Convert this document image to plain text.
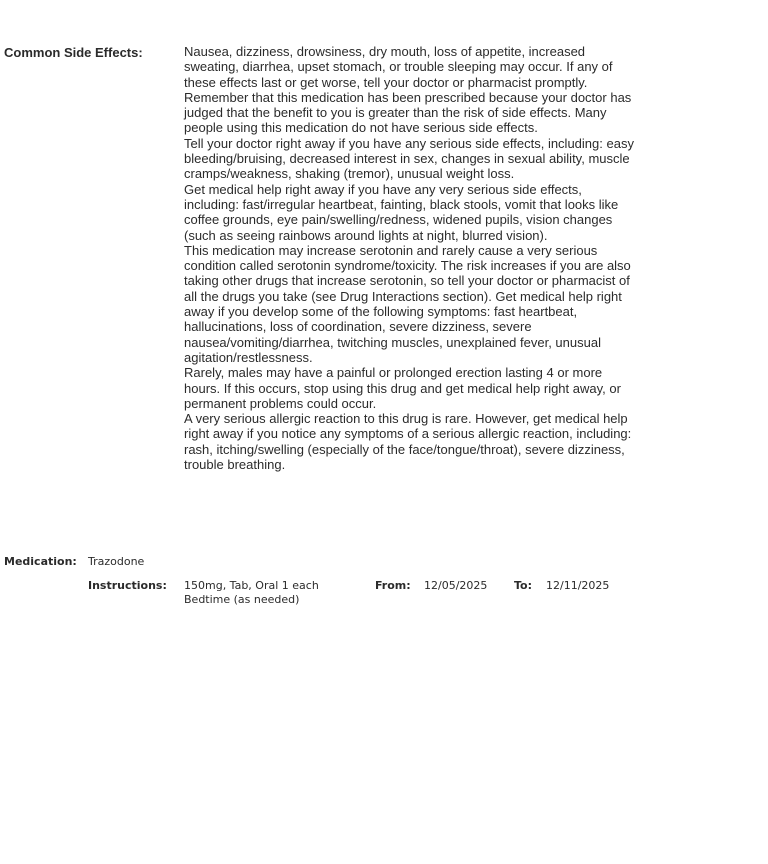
Common Side Effects:	Nausea, dizziness, drowsiness, dry mouth, loss of appetite, increased sweating, diarrhea, upset stomach, or trouble sleeping may occur. If any of these effects last or get worse, tell your doctor or pharmacist promptly.
Remember that this medication has been prescribed because your doctor has judged that the benefit to you is greater than the risk of side effects. Many people using this medication do not have serious side effects.
Tell your doctor right away if you have any serious side effects, including: easy bleeding/bruising, decreased interest in sex, changes in sexual ability, muscle cramps/weakness, shaking (tremor), unusual weight loss.
Get medical help right away if you have any very serious side effects, including: fast/irregular heartbeat, fainting, black stools, vomit that looks like coffee grounds, eye pain/swelling/redness, widened pupils, vision changes (such as seeing rainbows around lights at night, blurred vision).
This medication may increase serotonin and rarely cause a very serious condition called serotonin syndrome/toxicity. The risk increases if you are also taking other drugs that increase serotonin, so tell your doctor or pharmacist of all the drugs you take (see Drug Interactions section). Get medical help right away if you develop some of the following symptoms: fast heartbeat, hallucinations, loss of coordination, severe dizziness, severe nausea/vomiting/diarrhea, twitching muscles, unexplained fever, unusual agitation/restlessness.
Rarely, males may have a painful or prolonged erection lasting 4 or more hours. If this occurs, stop using this drug and get medical help right away, or permanent problems could occur.
A very serious allergic reaction to this drug is rare. However, get medical help right away if you notice any symptoms of a serious allergic reaction, including: rash, itching/swelling (especially of the face/tongue/throat), severe dizziness, trouble breathing.
Medication: Trazodone
Instructions: 150mg, Tab, Oral 1 each
Bedtime (as needed)
From: 12/05/2025 To: 12/11/2025
